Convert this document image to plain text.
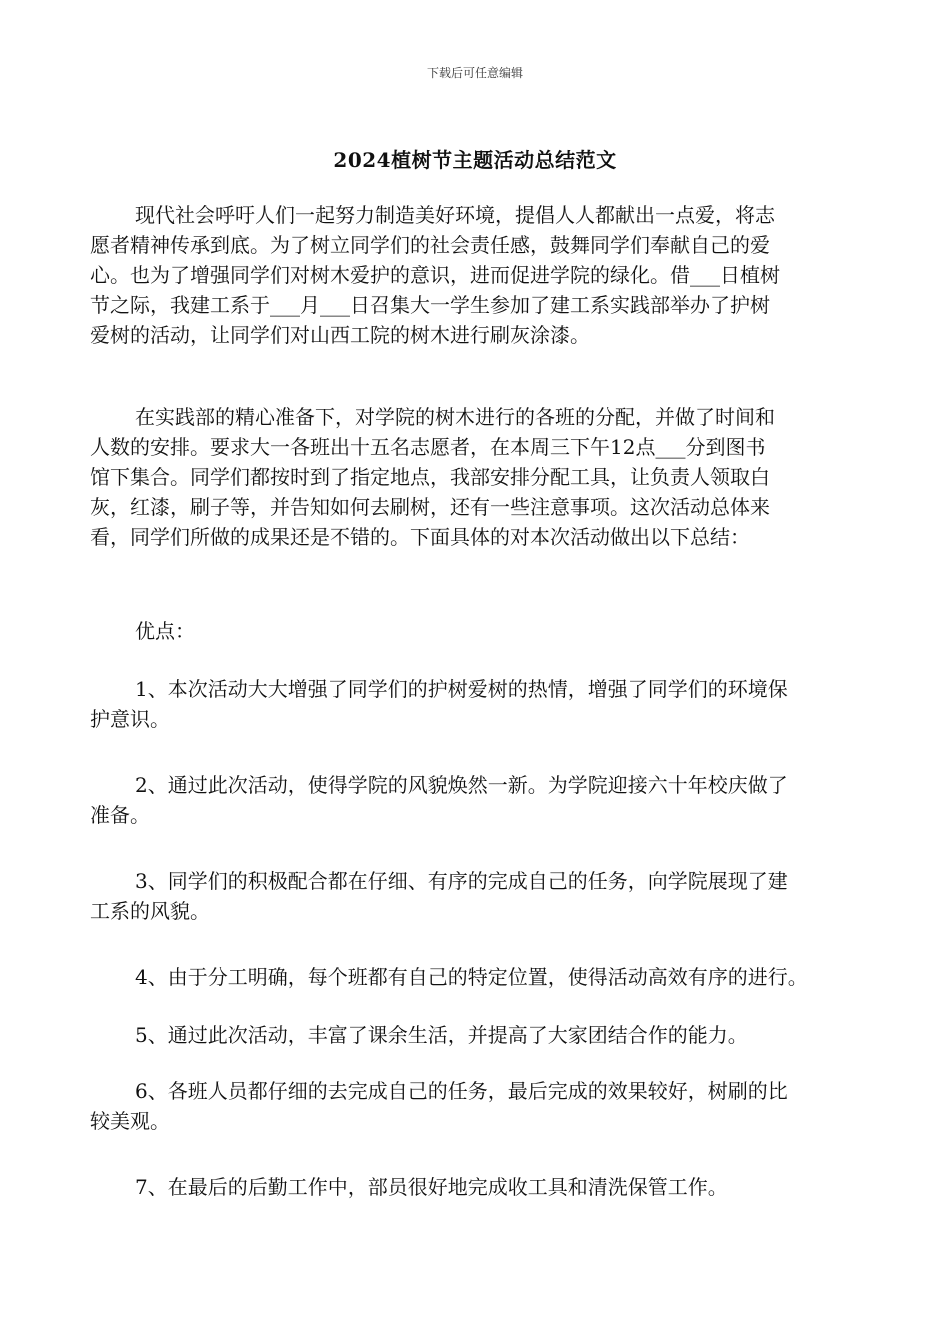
下载后可任意编辑
2024植树节主题活动总结范文
现代社会呼吁人们一起努力制造美好环境，提倡人人都献出一点爱，将志
愿者精神传承到底。为了树立同学们的社会责任感，鼓舞同学们奉献自己的爱
心。也为了增强同学们对树木爱护的意识，进而促进学院的绿化。借___日植树
节之际，我建工系于___月___日召集大一学生参加了建工系实践部举办了护树
爱树的活动，让同学们对山西工院的树木进行刷灰涂漆。
在实践部的精心准备下，对学院的树木进行的各班的分配，并做了时间和
人数的安排。要求大一各班出十五名志愿者，在本周三下午12点___分到图书
馆下集合。同学们都按时到了指定地点，我部安排分配工具，让负责人领取白
灰，红漆，刷子等，并告知如何去刷树，还有一些注意事项。这次活动总体来
看，同学们所做的成果还是不错的。下面具体的对本次活动做出以下总结：
优点：
1、本次活动大大增强了同学们的护树爱树的热情，增强了同学们的环境保
护意识。
2、通过此次活动，使得学院的风貌焕然一新。为学院迎接六十年校庆做了
准备。
3、同学们的积极配合都在仔细、有序的完成自己的任务，向学院展现了建
工系的风貌。
4、由于分工明确，每个班都有自己的特定位置，使得活动高效有序的进行。
5、通过此次活动，丰富了课余生活，并提高了大家团结合作的能力。
6、各班人员都仔细的去完成自己的任务，最后完成的效果较好，树刷的比
较美观。
7、在最后的后勤工作中，部员很好地完成收工具和清洗保管工作。
